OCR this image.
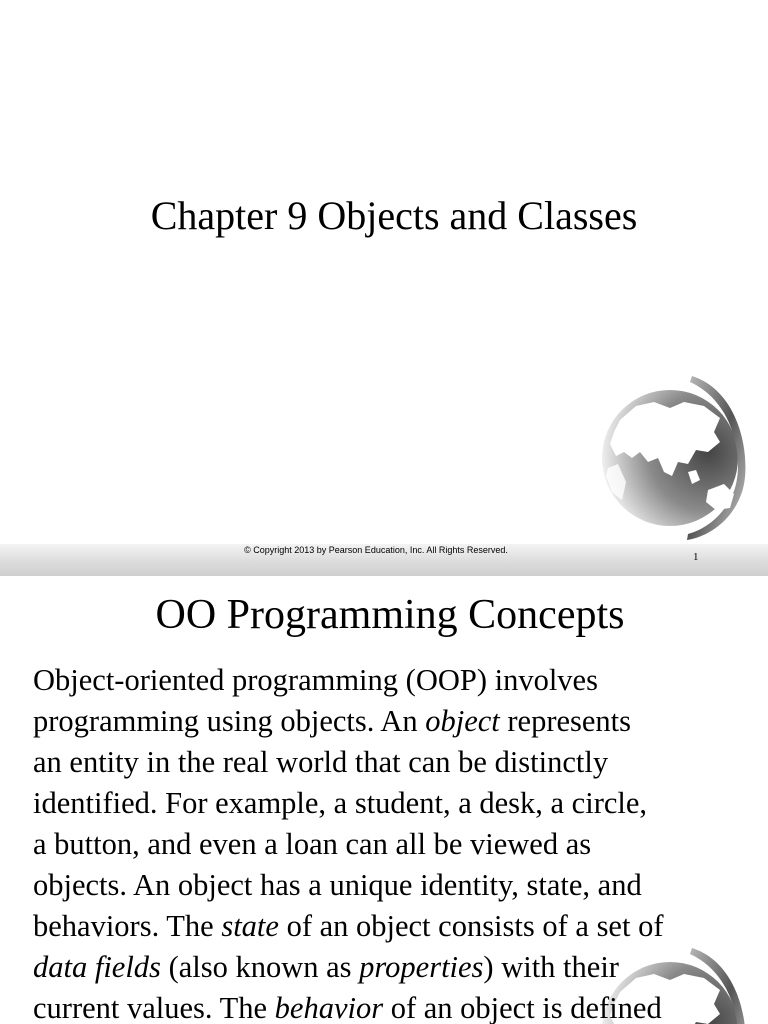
Chapter 9 Objects and Classes
© Copyright 2013 by Pearson Education, Inc. All Rights Reserved.
1
OO Programming Concepts

Object-oriented programming (OOP) involves
programming using objects. An object represents
an entity in the real world that can be distinctly
identified. For example, a student, a desk, a circle,
a button, and even a loan can all be viewed as
objects. An object has a unique identity, state, and
behaviors. The state of an object consists of a set of
data fields (also known as properties) with their
current values. The behavior of an object is defined
